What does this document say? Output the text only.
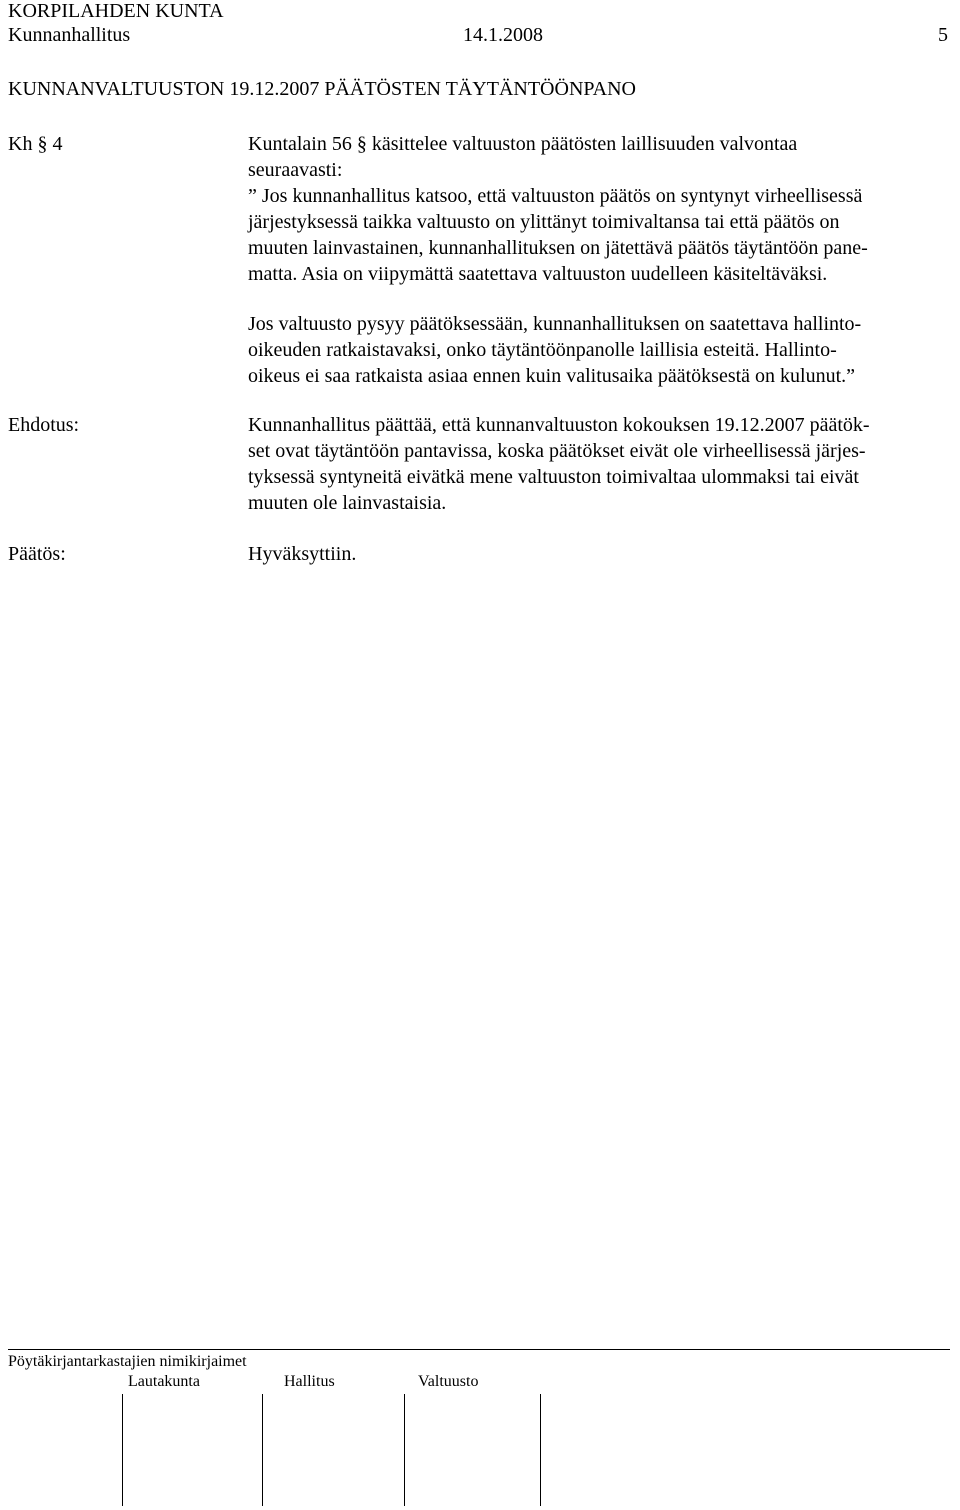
KORPILAHDEN KUNTA
Kunnanhallitus	14.1.2008	5
KUNNANVALTUUSTON 19.12.2007 PÄÄTÖSTEN TÄYTÄNTÖÖNPANO
Kh § 4	Kuntalain 56 § käsittelee valtuuston päätösten laillisuuden valvontaa
seuraavasti:
” Jos kunnanhallitus katsoo, että valtuuston päätös on syntynyt virheellisessä
järjestyksessä taikka valtuusto on ylittänyt toimivaltansa tai että päätös on
muuten lainvastainen, kunnanhallituksen on jätettävä päätös täytäntöön pane-
matta. Asia on viipymättä saatettava valtuuston uudelleen käsiteltäväksi.
Jos valtuusto pysyy päätöksessään, kunnanhallituksen on saatettava hallinto-
oikeuden ratkaistavaksi, onko täytäntöönpanolle laillisia esteitä. Hallinto-
oikeus ei saa ratkaista asiaa ennen kuin valitusaika päätöksestä on kulunut.”
Ehdotus:	Kunnanhallitus päättää, että kunnanvaltuuston kokouksen 19.12.2007 päätök-
set ovat täytäntöön pantavissa, koska päätökset eivät ole virheellisessä järjes-
tyksessä syntyneitä eivätkä mene valtuuston toimivaltaa ulommaksi tai eivät
muuten ole lainvastaisia.
Päätös:	Hyväksyttiin.
Pöytäkirjantarkastajien nimikirjaimet
Lautakunta	Hallitus	Valtuusto
